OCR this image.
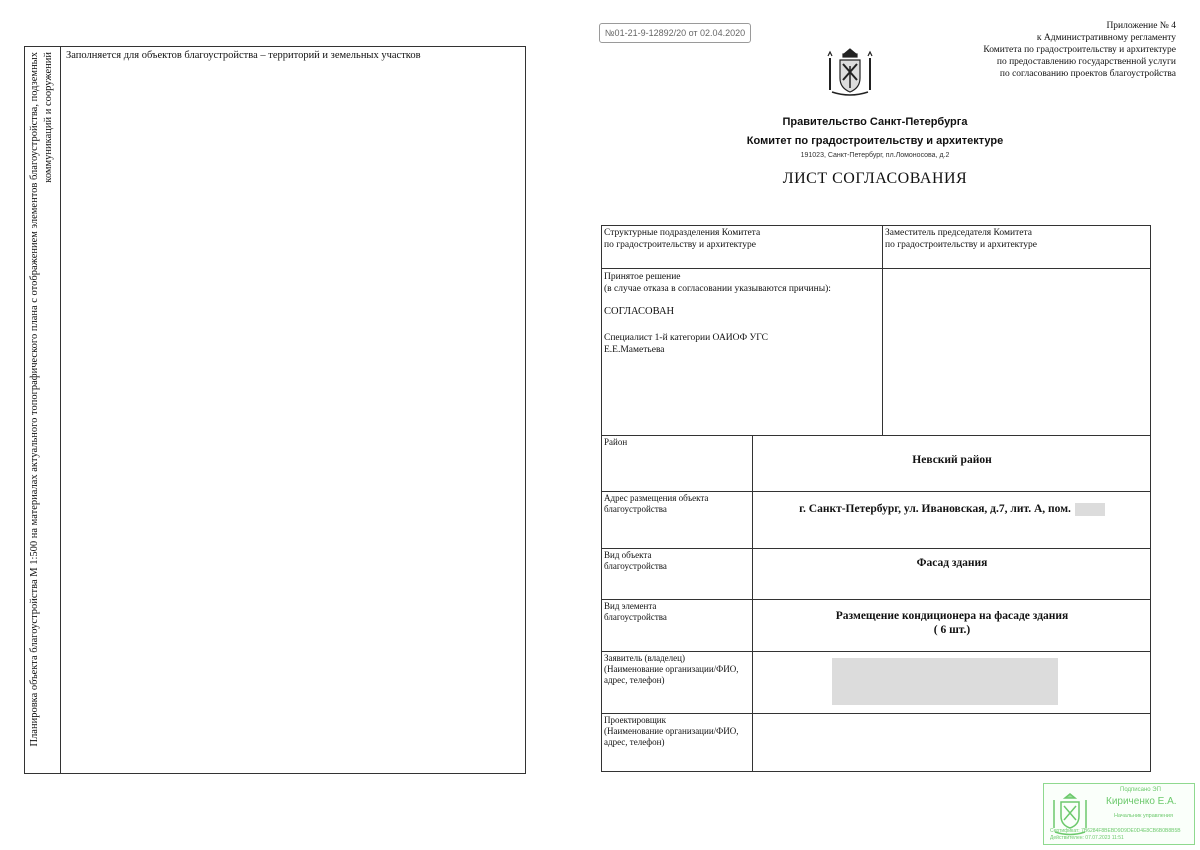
Планировка объекта благоустройства М 1:500 на материалах актуального топографического плана с отображением элементов благоустройства, подземных коммуникаций и сооружений	Заполняется для объектов благоустройства – территорий и земельных участков
№01-21-9-12892/20 от 02.04.2020
Приложение № 4
к Административному регламенту
Комитета по градостроительству и архитектуре
по предоставлению государственной услуги
по согласованию проектов благоустройства
Правительство Санкт-Петербурга
Комитет по градостроительству и архитектуре
191023, Санкт-Петербург, пл.Ломоносова, д.2
ЛИСТ СОГЛАСОВАНИЯ
Структурные подразделения Комитета
по градостроительству и архитектуре
Заместитель председателя Комитета
по градостроительству и архитектуре
Принятое решение
(в случае отказа в согласовании указываются причины):
СОГЛАСОВАН
Специалист 1-й категории ОАИОФ УГС
Е.Е.Маметьева
Район
Адрес размещения объекта
благоустройства
Вид объекта
благоустройства
Вид элемента
благоустройства
Заявитель (владелец)
(Наименование организации/ФИО,
адрес, телефон)
Проектировщик
(Наименование организации/ФИО,
адрес, телефон)
Невский район
г. Санкт-Петербург, ул. Ивановская, д.7, лит. А, пом.
Фасад здания
Размещение кондиционера на фасаде здания
( 6 шт.)
Подписано ЭП
Кириченко Е.А.
Начальник управления
Сертификат: 7B6284F8BEBD9D9DE0D4E8CB6B0B8B5B
Действителен: 07.07.2023 11:51
